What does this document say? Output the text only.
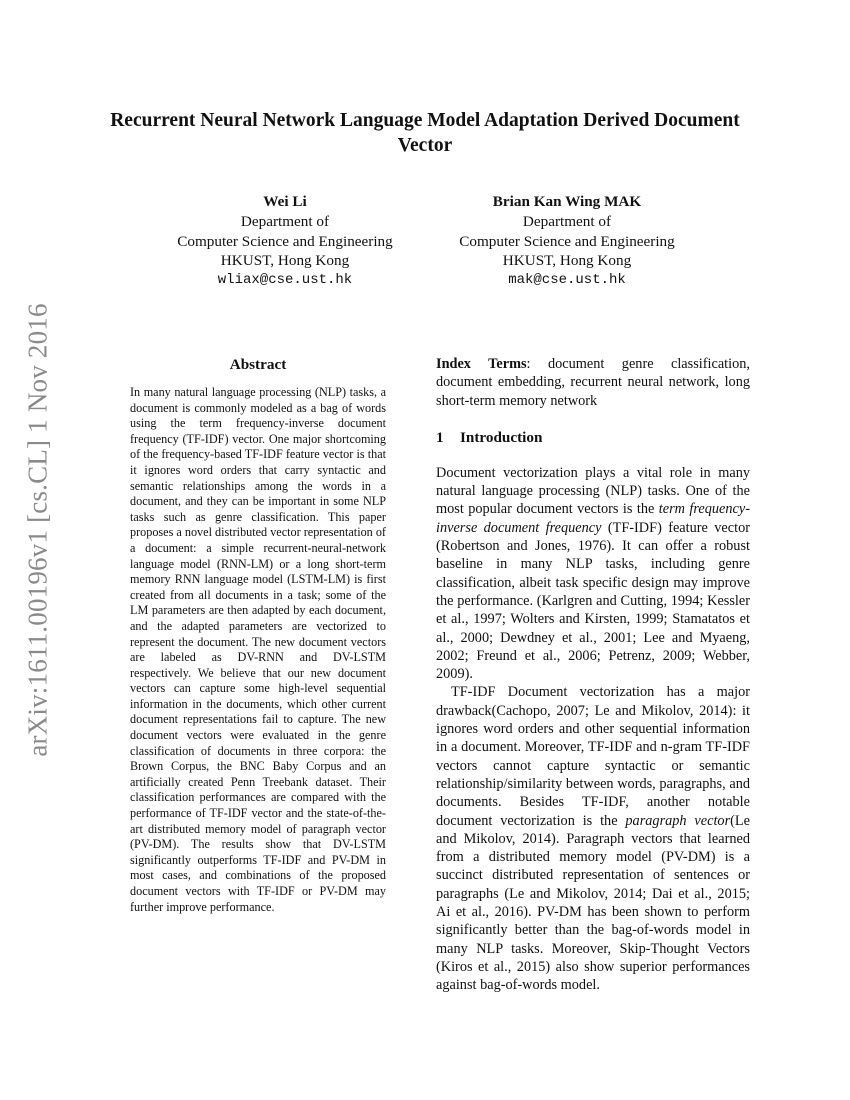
arXiv:1611.00196v1 [cs.CL] 1 Nov 2016
Recurrent Neural Network Language Model Adaptation Derived Document Vector
Wei Li
Department of
Computer Science and Engineering
HKUST, Hong Kong
wliax@cse.ust.hk
Brian Kan Wing MAK
Department of
Computer Science and Engineering
HKUST, Hong Kong
mak@cse.ust.hk
Abstract

In many natural language processing (NLP) tasks, a document is commonly modeled as a bag of words using the term frequency-inverse document frequency (TF-IDF) vector. One major shortcoming of the frequency-based TF-IDF feature vector is that it ignores word orders that carry syntactic and semantic relationships among the words in a document, and they can be important in some NLP tasks such as genre classification. This paper proposes a novel distributed vector representation of a document: a simple recurrent-neural-network language model (RNN-LM) or a long short-term memory RNN language model (LSTM-LM) is first created from all documents in a task; some of the LM parameters are then adapted by each document, and the adapted parameters are vectorized to represent the document. The new document vectors are labeled as DV-RNN and DV-LSTM respectively. We believe that our new document vectors can capture some high-level sequential information in the documents, which other current document representations fail to capture. The new document vectors were evaluated in the genre classification of documents in three corpora: the Brown Corpus, the BNC Baby Corpus and an artificially created Penn Treebank dataset. Their classification performances are compared with the performance of TF-IDF vector and the state-of-the-art distributed memory model of paragraph vector (PV-DM). The results show that DV-LSTM significantly outperforms TF-IDF and PV-DM in most cases, and combinations of the proposed document vectors with TF-IDF or PV-DM may further improve performance.

Index Terms: document genre classification, document embedding, recurrent neural network, long short-term memory network

1 Introduction

Document vectorization plays a vital role in many natural language processing (NLP) tasks. One of the most popular document vectors is the term frequency-inverse document frequency (TF-IDF) feature vector (Robertson and Jones, 1976). It can offer a robust baseline in many NLP tasks, including genre classification, albeit task specific design may improve the performance. (Karlgren and Cutting, 1994; Kessler et al., 1997; Wolters and Kirsten, 1999; Stamatatos et al., 2000; Dewdney et al., 2001; Lee and Myaeng, 2002; Freund et al., 2006; Petrenz, 2009; Webber, 2009).

TF-IDF Document vectorization has a major drawback(Cachopo, 2007; Le and Mikolov, 2014): it ignores word orders and other sequential information in a document. Moreover, TF-IDF and n-gram TF-IDF vectors cannot capture syntactic or semantic relationship/similarity between words, paragraphs, and documents. Besides TF-IDF, another notable document vectorization is the paragraph vector(Le and Mikolov, 2014). Paragraph vectors that learned from a distributed memory model (PV-DM) is a succinct distributed representation of sentences or paragraphs (Le and Mikolov, 2014; Dai et al., 2015; Ai et al., 2016). PV-DM has been shown to perform significantly better than the bag-of-words model in many NLP tasks. Moreover, Skip-Thought Vectors (Kiros et al., 2015) also show superior performances against bag-of-words model.
